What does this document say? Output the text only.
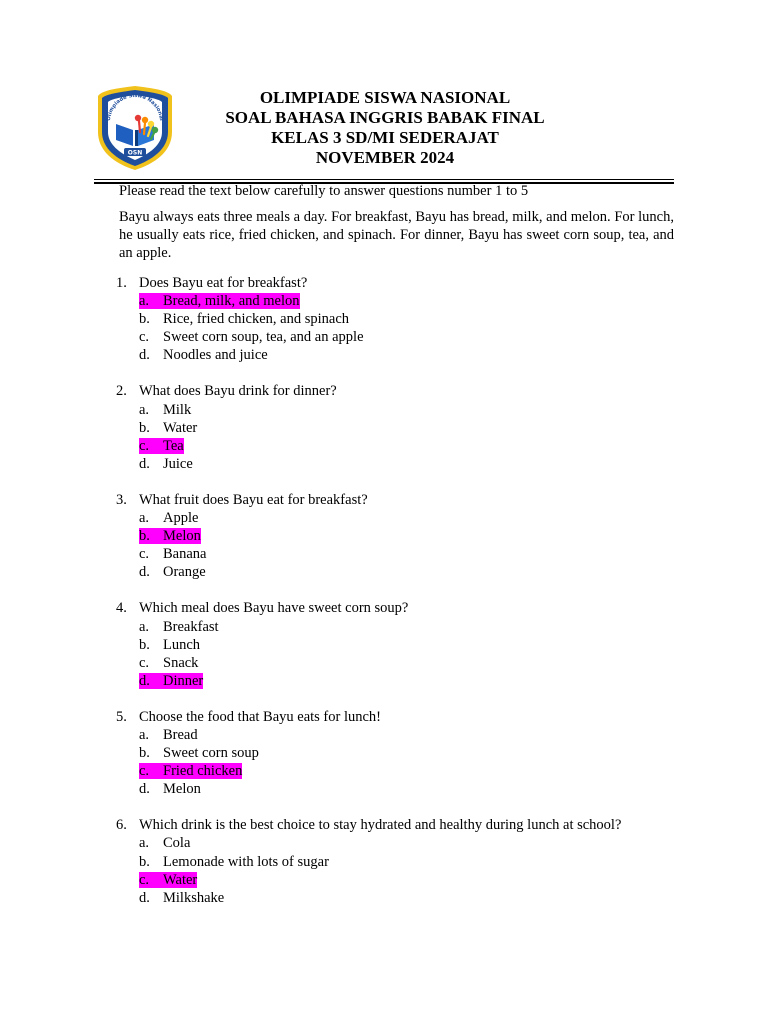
Olimpiade Siswa Nasional
OSN
OLIMPIADE SISWA NASIONAL
SOAL BAHASA INGGRIS BABAK FINAL
KELAS 3 SD/MI SEDERAJAT
NOVEMBER 2024
Please read the text below carefully to answer questions number 1 to 5
Bayu always eats three meals a day. For breakfast, Bayu has bread, milk, and melon. For lunch, he usually eats rice, fried chicken, and spinach. For dinner, Bayu has sweet corn soup, tea, and an apple.
1. Does Bayu eat for breakfast?
a. Bread, milk, and melon
b. Rice, fried chicken, and spinach
c. Sweet corn soup, tea, and an apple
d. Noodles and juice
2. What does Bayu drink for dinner?
a. Milk
b. Water
c. Tea
d. Juice
3. What fruit does Bayu eat for breakfast?
a. Apple
b. Melon
c. Banana
d. Orange
4. Which meal does Bayu have sweet corn soup?
a. Breakfast
b. Lunch
c. Snack
d. Dinner
5. Choose the food that Bayu eats for lunch!
a. Bread
b. Sweet corn soup
c. Fried chicken
d. Melon
6. Which drink is the best choice to stay hydrated and healthy during lunch at school?
a. Cola
b. Lemonade with lots of sugar
c. Water
d. Milkshake
